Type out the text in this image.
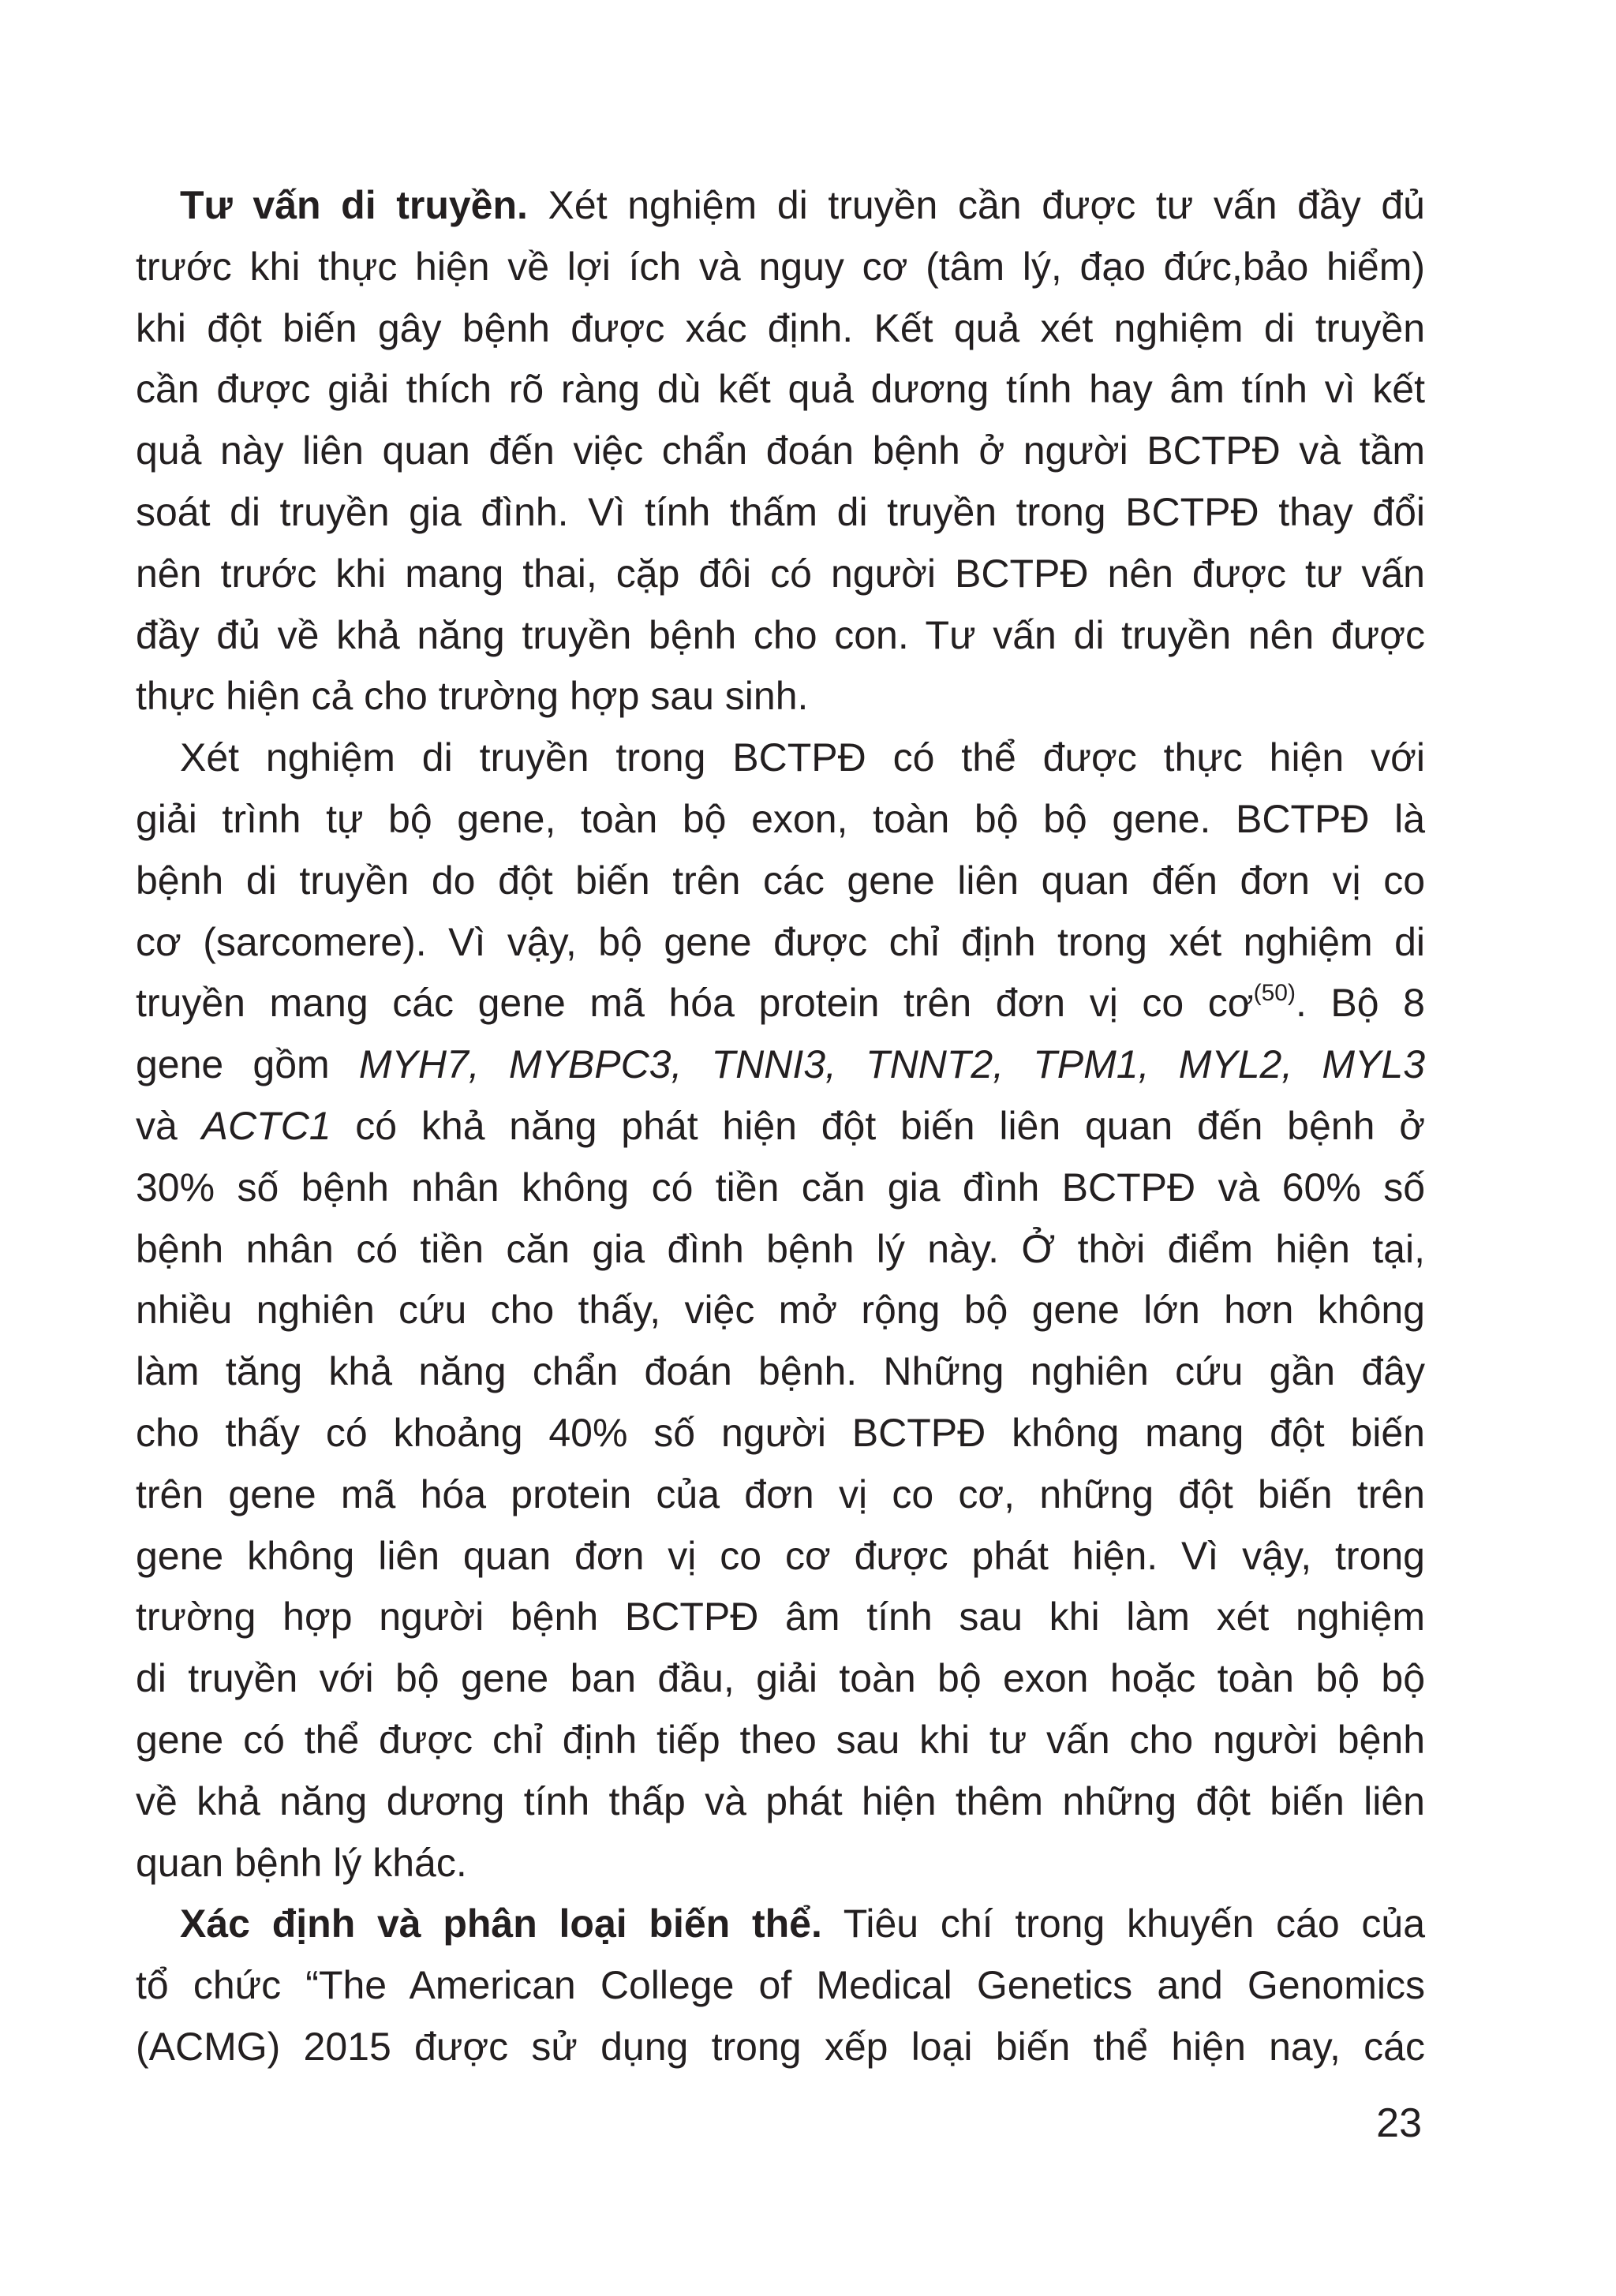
Tư vấn di truyền. Xét nghiệm di truyền cần được tư vấn đầy đủ
trước khi thực hiện về lợi ích và nguy cơ (tâm lý, đạo đức,bảo hiểm)
khi đột biến gây bệnh được xác định. Kết quả xét nghiệm di truyền
cần được giải thích rõ ràng dù kết quả dương tính hay âm tính vì kết
quả này liên quan đến việc chẩn đoán bệnh ở người BCTPĐ và tầm
soát di truyền gia đình. Vì tính thấm di truyền trong BCTPĐ thay đổi
nên trước khi mang thai, cặp đôi có người BCTPĐ nên được tư vấn
đầy đủ về khả năng truyền bệnh cho con. Tư vấn di truyền nên được
thực hiện cả cho trường hợp sau sinh.
Xét nghiệm di truyền trong BCTPĐ có thể được thực hiện với
giải trình tự bộ gene, toàn bộ exon, toàn bộ bộ gene. BCTPĐ là
bệnh di truyền do đột biến trên các gene liên quan đến đơn vị co
cơ (sarcomere). Vì vậy, bộ gene được chỉ định trong xét nghiệm di
truyền mang các gene mã hóa protein trên đơn vị co $cơ^{(50)}$. Bộ 8
gene gồm MYH7, MYBPC3, TNNI3, TNNT2, TPM1, MYL2, MYL3
và ACTC1 có khả năng phát hiện đột biến liên quan đến bệnh ở
30% số bệnh nhân không có tiền căn gia đình BCTPĐ và 60% số
bệnh nhân có tiền căn gia đình bệnh lý này. Ở thời điểm hiện tại,
nhiều nghiên cứu cho thấy, việc mở rộng bộ gene lớn hơn không
làm tăng khả năng chẩn đoán bệnh. Những nghiên cứu gần đây
cho thấy có khoảng 40% số người BCTPĐ không mang đột biến
trên gene mã hóa protein của đơn vị co cơ, những đột biến trên
gene không liên quan đơn vị co cơ được phát hiện. Vì vậy, trong
trường hợp người bệnh BCTPĐ âm tính sau khi làm xét nghiệm
di truyền với bộ gene ban đầu, giải toàn bộ exon hoặc toàn bộ bộ
gene có thể được chỉ định tiếp theo sau khi tư vấn cho người bệnh
về khả năng dương tính thấp và phát hiện thêm những đột biến liên
quan bệnh lý khác.
Xác định và phân loại biến thể. Tiêu chí trong khuyến cáo của
tổ chức “The American College of Medical Genetics and Genomics
(ACMG) 2015 được sử dụng trong xếp loại biến thể hiện nay, các
23
